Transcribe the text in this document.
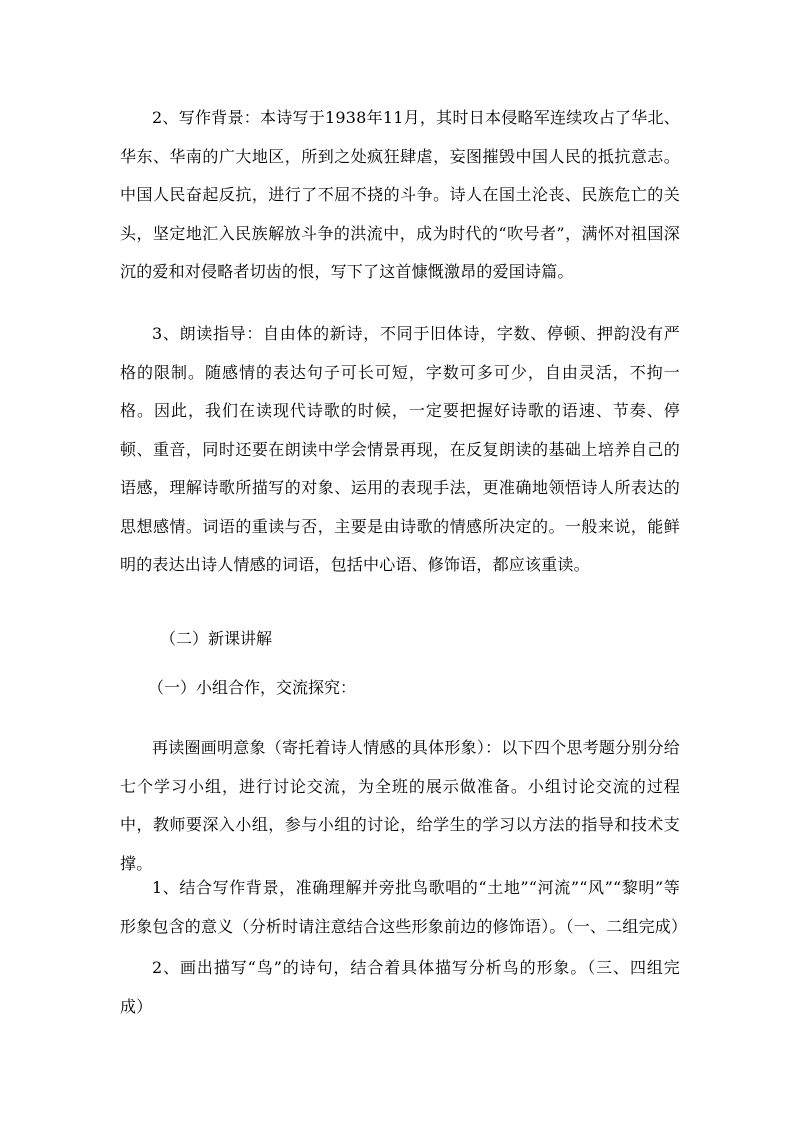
2、写作背景：本诗写于1938年11月，其时日本侵略军连续攻占了华北、华东、华南的广大地区，所到之处疯狂肆虐，妄图摧毁中国人民的抵抗意志。中国人民奋起反抗，进行了不屈不挠的斗争。诗人在国土沦丧、民族危亡的关头，坚定地汇入民族解放斗争的洪流中，成为时代的“吹号者”，满怀对祖国深沉的爱和对侵略者切齿的恨，写下了这首慷慨激昂的爱国诗篇。

3、朗读指导：自由体的新诗，不同于旧体诗，字数、停顿、押韵没有严格的限制。随感情的表达句子可长可短，字数可多可少，自由灵活，不拘一格。因此，我们在读现代诗歌的时候，一定要把握好诗歌的语速、节奏、停顿、重音，同时还要在朗读中学会情景再现，在反复朗读的基础上培养自己的语感，理解诗歌所描写的对象、运用的表现手法，更准确地领悟诗人所表达的思想感情。词语的重读与否，主要是由诗歌的情感所决定的。一般来说，能鲜明的表达出诗人情感的词语，包括中心语、修饰语，都应该重读。

（二）新课讲解

（一）小组合作，交流探究：

再读圈画明意象（寄托着诗人情感的具体形象）：以下四个思考题分别分给七个学习小组，进行讨论交流，为全班的展示做准备。小组讨论交流的过程中，教师要深入小组，参与小组的讨论，给学生的学习以方法的指导和技术支撑。

1、结合写作背景，准确理解并旁批鸟歌唱的“土地”“河流”“风”“黎明”等形象包含的意义（分析时请注意结合这些形象前边的修饰语）。（一、二组完成）

2、画出描写“鸟”的诗句，结合着具体描写分析鸟的形象。（三、四组完成）
